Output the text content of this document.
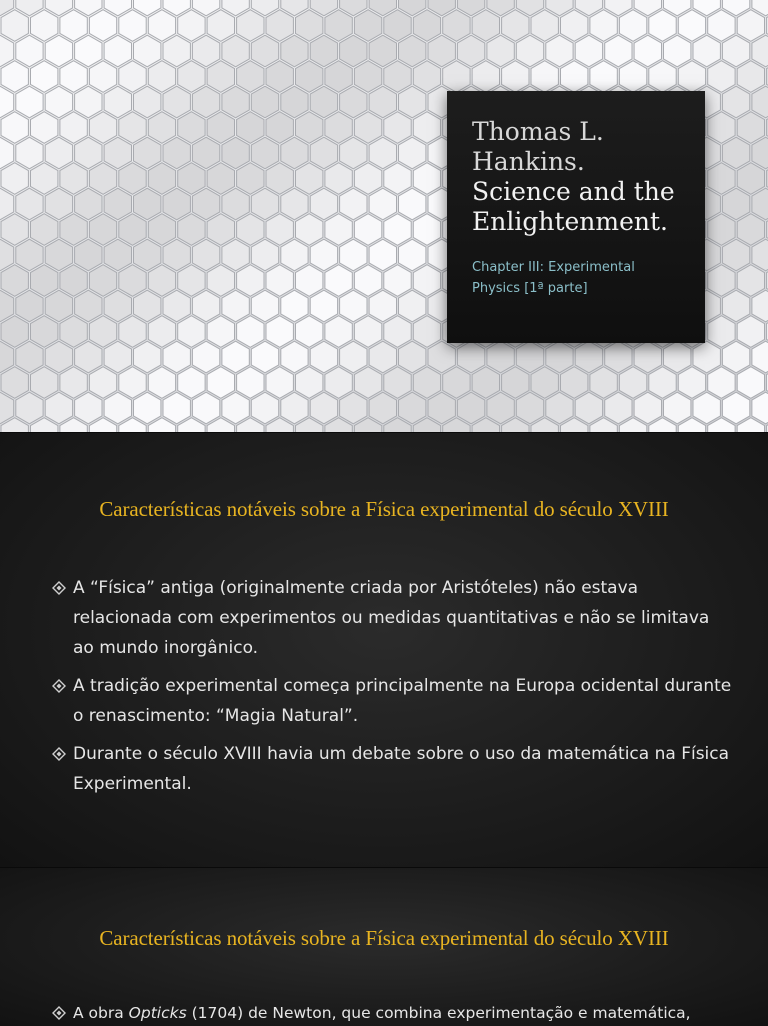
Thomas L.
Hankins.
Science and the
Enlightenment.
Chapter III: Experimental
Physics [1ª parte]
Características notáveis sobre a Física experimental do século XVIII
A “Física” antiga (originalmente criada por Aristóteles) não estava relacionada com experimentos ou medidas quantitativas e não se limitava ao mundo inorgânico.
A tradição experimental começa principalmente na Europa ocidental durante o renascimento: “Magia Natural”.
Durante o século XVIII havia um debate sobre o uso da matemática na Física Experimental.
Características notáveis sobre a Física experimental do século XVIII
A obra Opticks (1704) de Newton, que combina experimentação e matemática,
